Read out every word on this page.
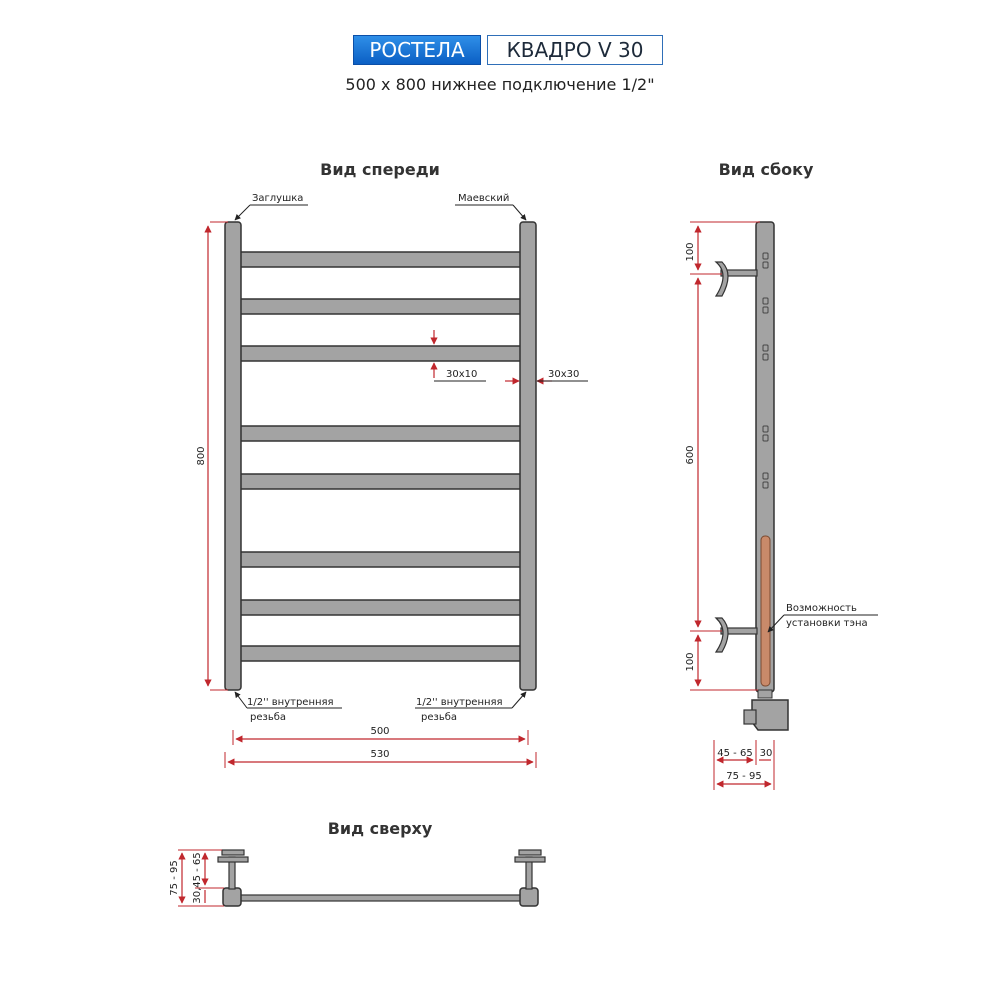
РОСТЕЛА	КВАДРО V 30
500 x 800 нижнее подключение 1/2"
Вид спереди
Заглушка	Маевский
800
30x10	30x30
1/2'' внутренняя
резьба
1/2'' внутренняя
резьба
500
530
Вид сбоку
100
600
100
Возможность
установки тэна
45 - 65 30
75 - 95
Вид сверху
75 - 95 30,45 - 65
